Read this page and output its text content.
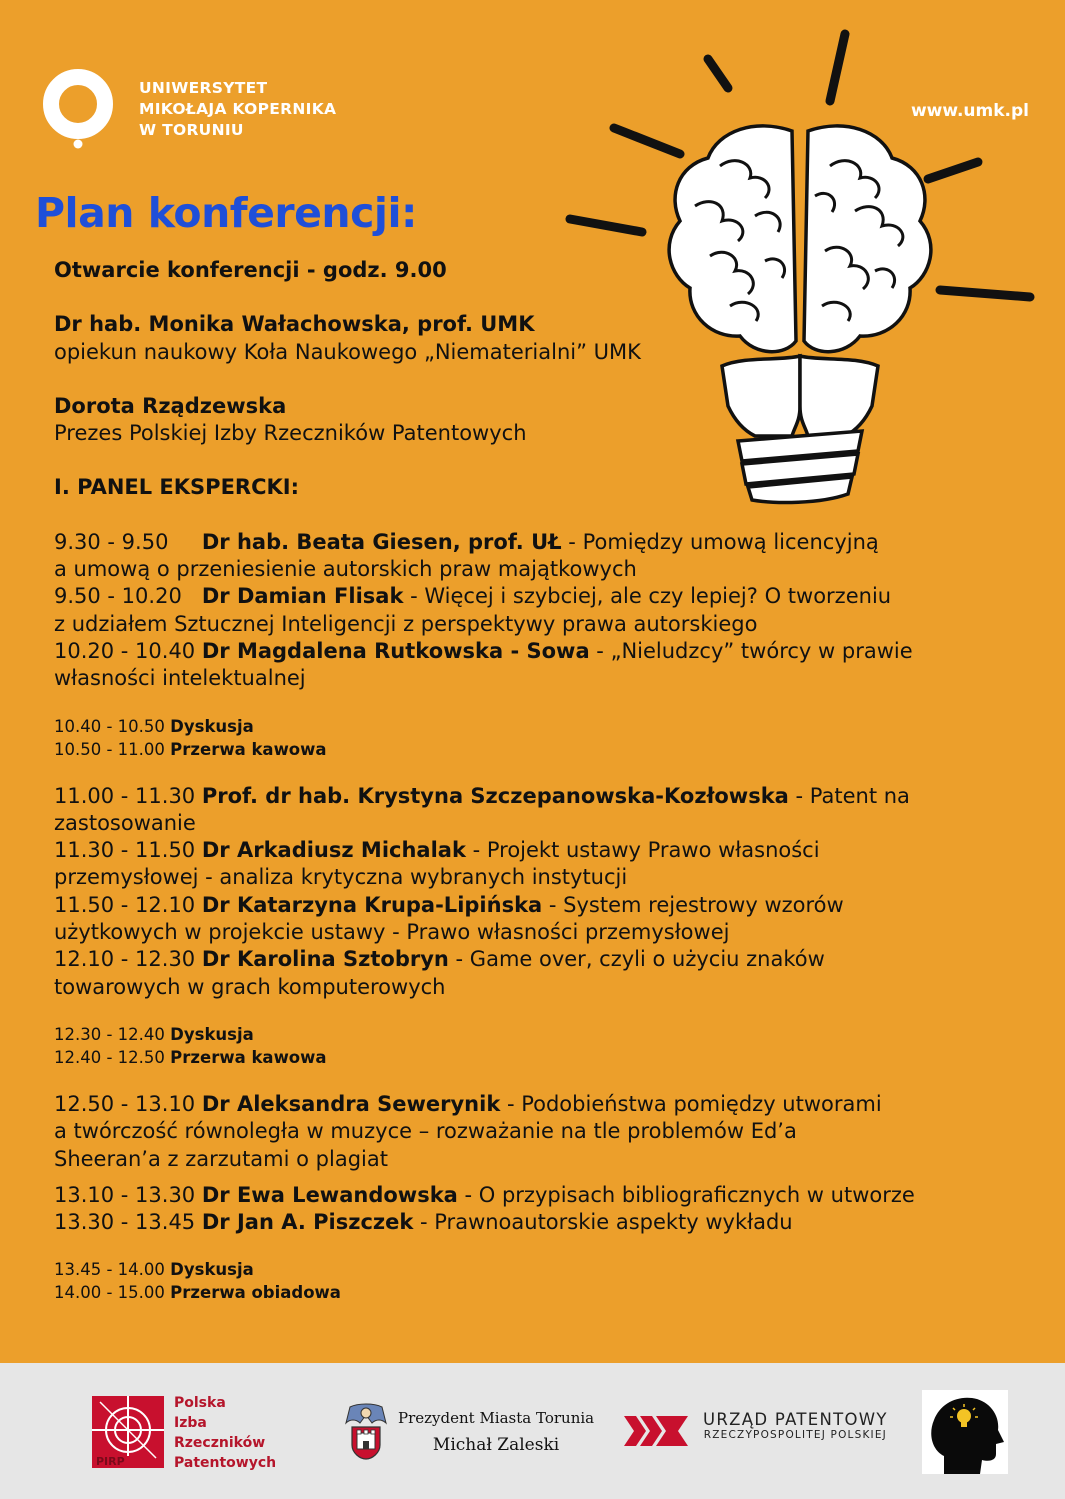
UNIWERSYTET
MIKOŁAJA KOPERNIKA
W TORUNIU
www.umk.pl
Plan konferencji:
Otwarcie konferencji - godz. 9.00
Dr hab. Monika Wałachowska, prof. UMK
opiekun naukowy Koła Naukowego „Niematerialni” UMK
Dorota Rządzewska
Prezes Polskiej Izby Rzeczników Patentowych
I. PANEL EKSPERCKI:
9.30 - 9.50 Dr hab. Beata Giesen, prof. UŁ - Pomiędzy umową licencyjną
a umową o przeniesienie autorskich praw majątkowych
9.50 - 10.20 Dr Damian Flisak - Więcej i szybciej, ale czy lepiej? O tworzeniu
z udziałem Sztucznej Inteligencji z perspektywy prawa autorskiego
10.20 - 10.40 Dr Magdalena Rutkowska - Sowa - „Nieludzcy” twórcy w prawie
własności intelektualnej
10.40 - 10.50 Dyskusja
10.50 - 11.00 Przerwa kawowa
11.00 - 11.30 Prof. dr hab. Krystyna Szczepanowska-Kozłowska - Patent na
zastosowanie
11.30 - 11.50 Dr Arkadiusz Michalak - Projekt ustawy Prawo własności
przemysłowej - analiza krytyczna wybranych instytucji
11.50 - 12.10 Dr Katarzyna Krupa-Lipińska - System rejestrowy wzorów
użytkowych w projekcie ustawy - Prawo własności przemysłowej
12.10 - 12.30 Dr Karolina Sztobryn - Game over, czyli o użyciu znaków
towarowych w grach komputerowych
12.30 - 12.40 Dyskusja
12.40 - 12.50 Przerwa kawowa
12.50 - 13.10 Dr Aleksandra Sewerynik - Podobieństwa pomiędzy utworami
a twórczość równoległa w muzyce – rozważanie na tle problemów Ed’a
Sheeran’a z zarzutami o plagiat
13.10 - 13.30 Dr Ewa Lewandowska - O przypisach bibliograficznych w utworze
13.30 - 13.45 Dr Jan A. Piszczek - Prawnoautorskie aspekty wykładu
13.45 - 14.00 Dyskusja
14.00 - 15.00 Przerwa obiadowa
PIRP
Polska
Izba
Rzeczników
Patentowych
Prezydent Miasta Torunia
Michał Zaleski
URZĄD PATENTOWY
RZECZYPOSPOLITEJ POLSKIEJ
